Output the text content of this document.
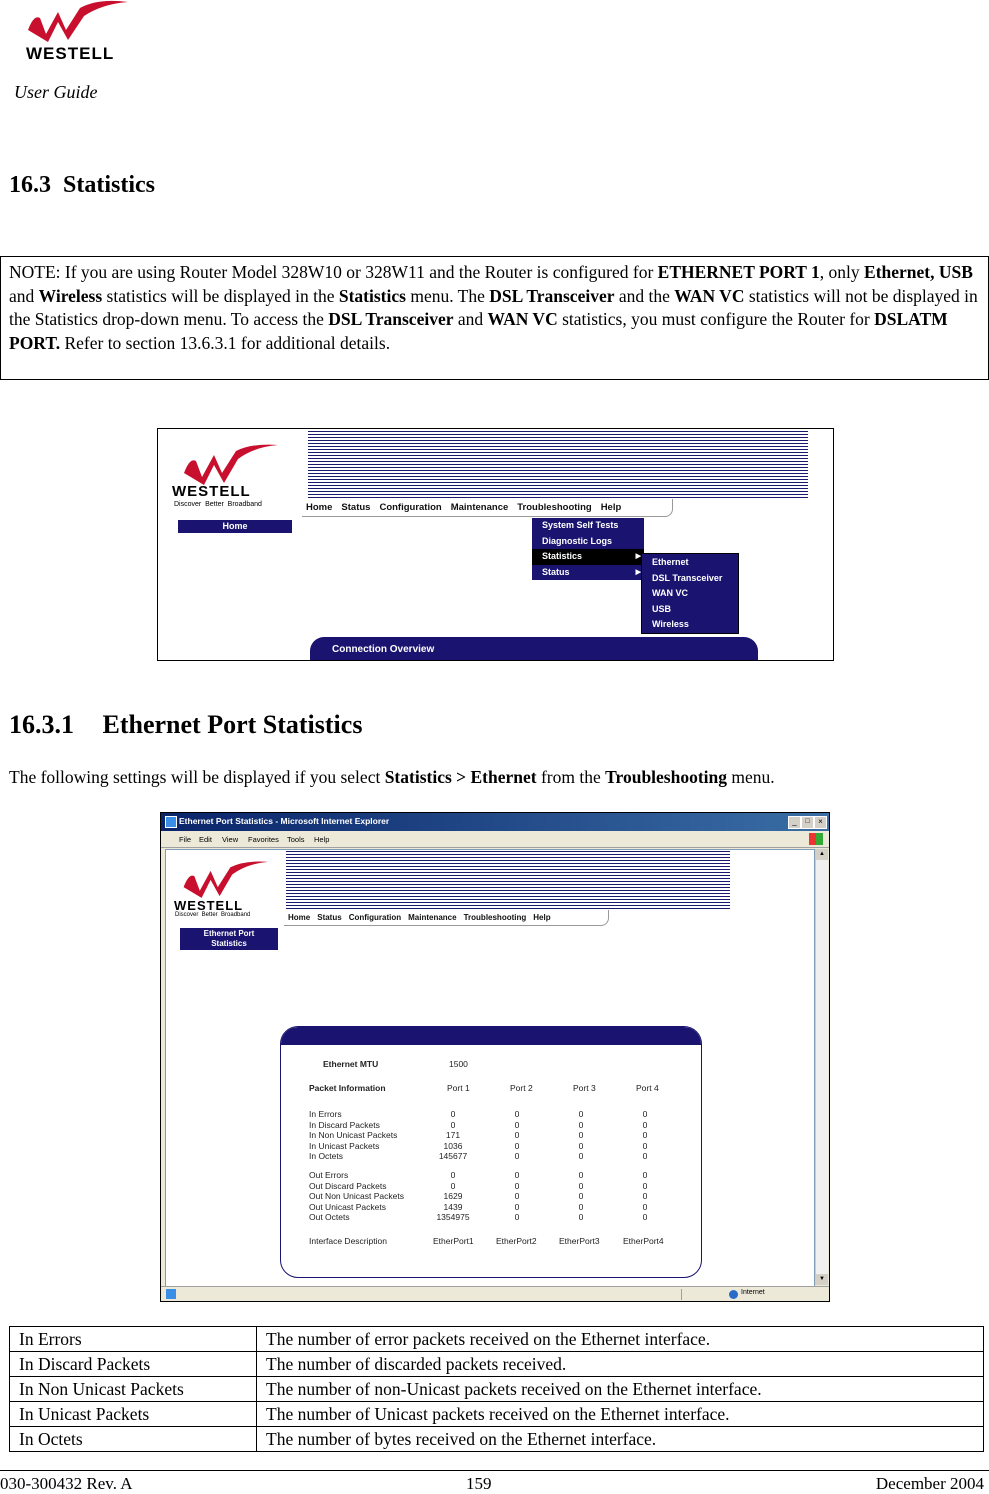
WESTELL
User Guide
16.3 Statistics
NOTE: If you are using Router Model 328W10 or 328W11 and the Router is configured for ETHERNET PORT 1, only Ethernet, USB and Wireless statistics will be displayed in the Statistics menu. The DSL Transceiver and the WAN VC statistics will not be displayed in the Statistics drop-down menu. To access the DSL Transceiver and WAN VC statistics, you must configure the Router for DSLATM PORT. Refer to section 13.6.3.1 for additional details.
WESTELL
Discover  Better  Broadband
Home
Home Status Configuration Maintenance Troubleshooting Help
System Self Tests
Diagnostic Logs
Statistics	▶
Status	▶
Ethernet
DSL Transceiver
WAN VC
USB
Wireless
Connection Overview
16.3.1 Ethernet Port Statistics
The following settings will be displayed if you select Statistics > Ethernet from the Troubleshooting menu.
Ethernet Port Statistics - Microsoft Internet Explorer	_	□	×
File Edit View Favorites Tools Help
WESTELL
Discover  Better  Broadband	Home Status Configuration Maintenance Troubleshooting Help
Ethernet Port
Statistics
Ethernet MTU	1500
Packet Information	Port 1	Port 2	Port 3	Port 4
In Errors	0	0	0	0
In Discard Packets	0	0	0	0
In Non Unicast Packets	171	0	0	0
In Unicast Packets	1036	0	0	0
In Octets	145677	0	0	0
Out Errors	0	0	0	0
Out Discard Packets	0	0	0	0
Out Non Unicast Packets	1629	0	0	0
Out Unicast Packets	1439	0	0	0
Out Octets	1354975	0	0	0
Interface Description	EtherPort1	EtherPort2	EtherPort3	EtherPort4
▲
▼
Internet
In Errors	The number of error packets received on the Ethernet interface.
In Discard Packets	The number of discarded packets received.
In Non Unicast Packets	The number of non-Unicast packets received on the Ethernet interface.
In Unicast Packets	The number of Unicast packets received on the Ethernet interface.
In Octets	The number of bytes received on the Ethernet interface.
030-300432 Rev. A	159	December 2004
